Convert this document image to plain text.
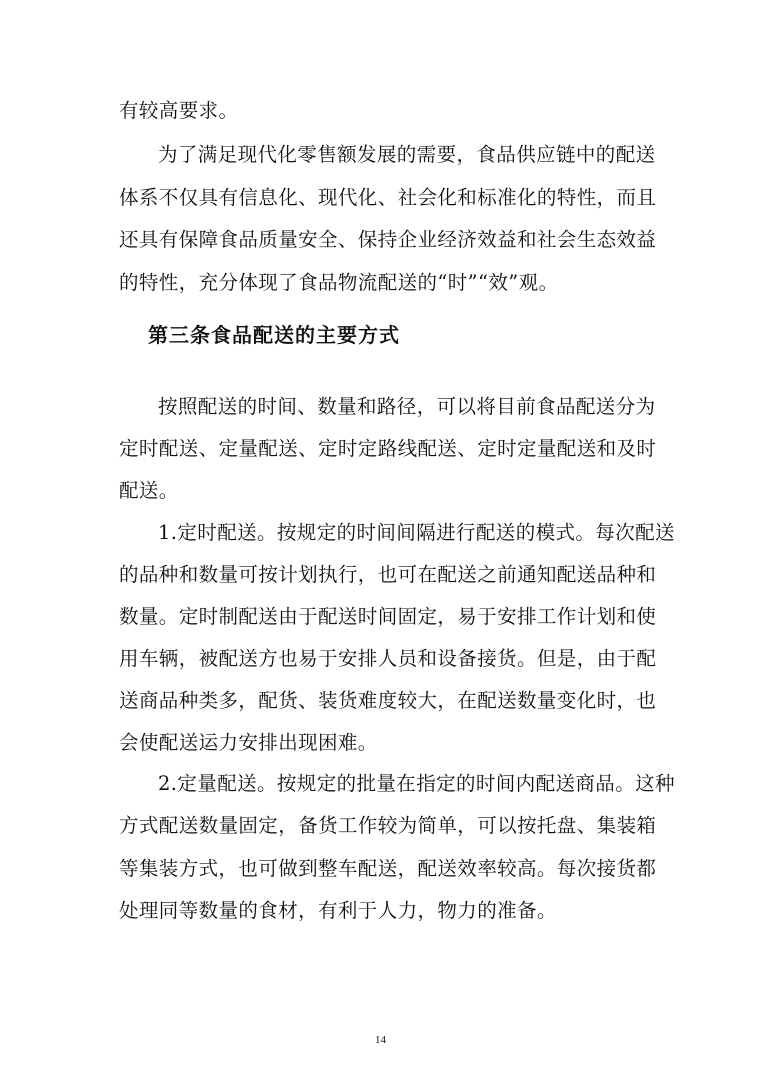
有较高要求。
为了满足现代化零售额发展的需要，食品供应链中的配送
体系不仅具有信息化、现代化、社会化和标准化的特性，而且
还具有保障食品质量安全、保持企业经济效益和社会生态效益
的特性，充分体现了食品物流配送的“时”“效”观。
第三条食品配送的主要方式
按照配送的时间、数量和路径，可以将目前食品配送分为
定时配送、定量配送、定时定路线配送、定时定量配送和及时
配送。
1.定时配送。按规定的时间间隔进行配送的模式。每次配送
的品种和数量可按计划执行，也可在配送之前通知配送品种和
数量。定时制配送由于配送时间固定，易于安排工作计划和使
用车辆，被配送方也易于安排人员和设备接货。但是，由于配
送商品种类多，配货、装货难度较大，在配送数量变化时，也
会使配送运力安排出现困难。
2.定量配送。按规定的批量在指定的时间内配送商品。这种
方式配送数量固定，备货工作较为简单，可以按托盘、集装箱
等集装方式，也可做到整车配送，配送效率较高。每次接货都
处理同等数量的食材，有利于人力，物力的准备。
14
